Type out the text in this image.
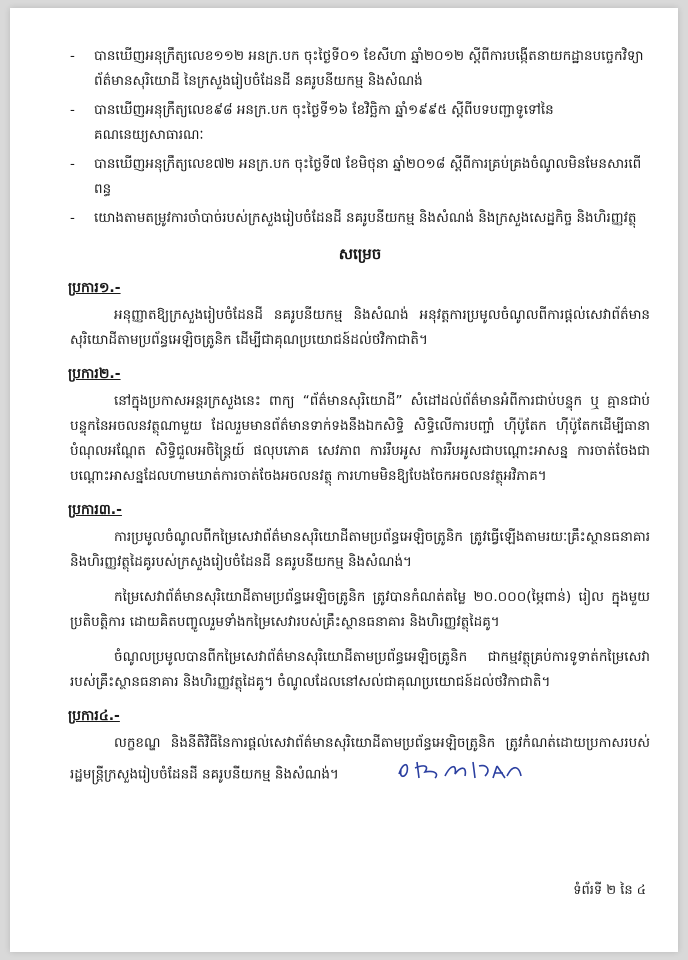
- បានឃើញអនុក្រឹត្យលេខ១១២ អនក្រ.បក ចុះថ្ងៃទី០១ ខែសីហា ឆ្នាំ២០១២ ស្តីពីការបង្កើតនាយកដ្ឋានបច្ចេកវិទ្យាព័ត៌មានសុរិយោដី នៃក្រសួងរៀបចំដែនដី នគរូបនីយកម្ម និងសំណង់
- បានឃើញអនុក្រឹត្យលេខ៩៨ អនក្រ.បក ចុះថ្ងៃទី១៦ ខែវិច្ឆិកា ឆ្នាំ១៩៩៥ ស្តីពីបទបញ្ជាទូទៅនៃគណនេយ្យសាធារណៈ
- បានឃើញអនុក្រឹត្យលេខ៧២ អនក្រ.បក ចុះថ្ងៃទី៧ ខែមិថុនា ឆ្នាំ២០១៨ ស្តីពីការគ្រប់គ្រងចំណូលមិនមែនសារពើពន្ធ
- យោងតាមតម្រូវការចាំបាច់របស់ក្រសួងរៀបចំដែនដី នគរូបនីយកម្ម និងសំណង់ និងក្រសួងសេដ្ឋកិច្ច និងហិរញ្ញវត្ថុ
សម្រេច
ប្រការ១.-

អនុញ្ញាតឱ្យក្រសួងរៀបចំដែនដី នគរូបនីយកម្ម និងសំណង់ អនុវត្តការប្រមូលចំណូលពីការផ្តល់សេវាព័ត៌មានសុរិយោដីតាមប្រព័ន្ធអេឡិចត្រូនិក ដើម្បីជាគុណប្រយោជន៍ដល់ថវិកាជាតិ។

ប្រការ២.-

នៅក្នុងប្រកាសអន្តរក្រសួងនេះ ពាក្យ “ព័ត៌មានសុរិយោដី” សំដៅដល់ព័ត៌មានអំពីការជាប់បន្ទុក ឬ គ្មានជាប់បន្ទុកនៃអចលនវត្ថុណាមួយ ដែលរួមមានព័ត៌មានទាក់ទងនឹងឯកសិទ្ធិ សិទ្ធិលើការបញ្ចាំ ហ៊ីប៉ូតែក ហ៊ីប៉ូតែកដើម្បីធានាបំណុលអណ្តែត សិទ្ធិជួលអចិន្ត្រៃយ៍ ផលុបភោគ សេវភាព ការរឹបអូស ការរឹបអូសជាបណ្តោះអាសន្ន ការចាត់ចែងជាបណ្តោះអាសន្នដែលហាមឃាត់ការចាត់ចែងអចលនវត្ថុ ការហាមមិនឱ្យបែងចែកអចលនវត្ថុអវិភាគ។

ប្រការ៣.-

ការប្រមូលចំណូលពីកម្រៃសេវាព័ត៌មានសុរិយោដីតាមប្រព័ន្ធអេឡិចត្រូនិក ត្រូវធ្វើឡើងតាមរយៈគ្រឹះស្ថានធនាគារ និងហិរញ្ញវត្ថុដៃគូរបស់ក្រសួងរៀបចំដែនដី នគរូបនីយកម្ម និងសំណង់។

កម្រៃសេវាព័ត៌មានសុរិយោដីតាមប្រព័ន្ធអេឡិចត្រូនិក ត្រូវបានកំណត់តម្លៃ ២០.០០០(ម្ភៃពាន់) រៀល ក្នុងមួយប្រតិបត្តិការ ដោយគិតបញ្ចូលរួមទាំងកម្រៃសេវារបស់គ្រឹះស្ថានធនាគារ និងហិរញ្ញវត្ថុដៃគូ។

ចំណូលប្រមូលបានពីកម្រៃសេវាព័ត៌មានសុរិយោដីតាមប្រព័ន្ធអេឡិចត្រូនិក ជាកម្មវត្ថុគ្រប់ការទូទាត់កម្រៃសេវារបស់គ្រឹះស្ថានធនាគារ និងហិរញ្ញវត្ថុដៃគូ។ ចំណូលដែលនៅសល់ជាគុណប្រយោជន៍ដល់ថវិកាជាតិ។

ប្រការ៤.-

លក្ខខណ្ឌ និងនីតិវិធីនៃការផ្តល់សេវាព័ត៌មានសុរិយោដីតាមប្រព័ន្ធអេឡិចត្រូនិក ត្រូវកំណត់ដោយប្រកាសរបស់រដ្ឋមន្ត្រីក្រសួងរៀបចំដែនដី នគរូបនីយកម្ម និងសំណង់។

ទំព័រទី ២ នៃ ៤
